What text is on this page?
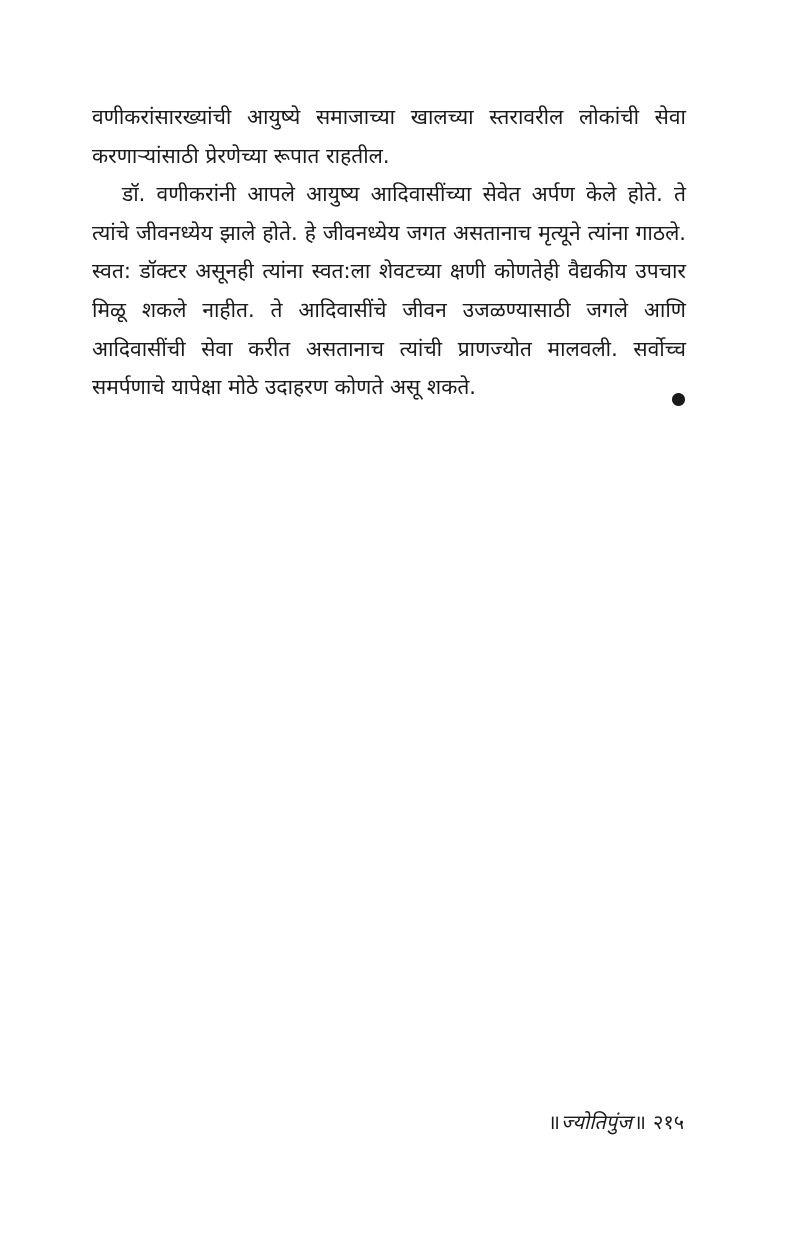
वणीकरांसारख्यांची आयुष्ये समाजाच्या खालच्या स्तरावरील लोकांची सेवा
करणाऱ्यांसाठी प्रेरणेच्या रूपात राहतील.
डॉ. वणीकरांनी आपले आयुष्य आदिवासींच्या सेवेत अर्पण केले होते. ते
त्यांचे जीवनध्येय झाले होते. हे जीवनध्येय जगत असतानाच मृत्यूने त्यांना गाठले.
स्वत: डॉक्टर असूनही त्यांना स्वत:ला शेवटच्या क्षणी कोणतेही वैद्यकीय उपचार
मिळू शकले नाहीत. ते आदिवासींचे जीवन उजळण्यासाठी जगले आणि
आदिवासींची सेवा करीत असतानाच त्यांची प्राणज्योत मालवली. सर्वोच्च
समर्पणाचे यापेक्षा मोठे उदाहरण कोणते असू शकते.
॥ ज्योतिपुंज ॥ २१५
